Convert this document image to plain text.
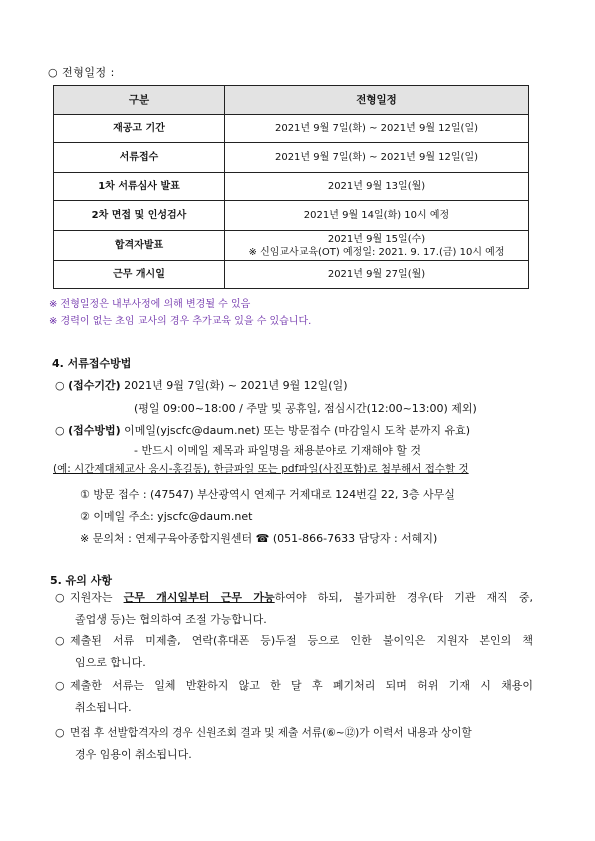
○ 전형일정 :
구분	전형일정
재공고 기간	2021년 9월 7일(화) ~ 2021년 9월 12일(일)
서류접수	2021년 9월 7일(화) ~ 2021년 9월 12일(일)
1차 서류심사 발표	2021년 9월 13일(월)
2차 면접 및 인성검사	2021년 9월 14일(화) 10시 예정
합격자발표	2021년 9월 15일(수)
※ 신임교사교육(OT) 예정일: 2021. 9. 17.(금) 10시 예정

근무 개시일	2021년 9월 27일(월)
※ 전형일정은 내부사정에 의해 변경될 수 있음
※ 경력이 없는 초임 교사의 경우 추가교육 있을 수 있습니다.
4. 서류접수방법
○ (접수기간) 2021년 9월 7일(화) ~ 2021년 9월 12일(일)
(평일 09:00~18:00 / 주말 및 공휴일, 점심시간(12:00~13:00) 제외)
○ (접수방법) 이메일(yjscfc@daum.net) 또는 방문접수 (마감일시 도착 분까지 유효)
- 반드시 이메일 제목과 파일명을 채용분야로 기재해야 할 것
(예: 시간제대체교사 응시-홍길동), 한글파일 또는 pdf파일(사진포함)로 첨부해서 접수할 것
① 방문 접수 : (47547) 부산광역시 연제구 거제대로 124번길 22, 3층 사무실
② 이메일 주소: yjscfc@daum.net
※ 문의처 : 연제구육아종합지원센터 ☎ (051-866-7633 담당자 : 서혜지)
5. 유의 사항
○ 지원자는 근무 개시일부터 근무 가능하여야 하되, 불가피한 경우(타 기관 재직 중,
졸업생 등)는 협의하여 조절 가능합니다.
○ 제출된 서류 미제출, 연락(휴대폰 등)두절 등으로 인한 불이익은 지원자 본인의 책
임으로 합니다.
○ 제출한 서류는 일체 반환하지 않고 한 달 후 폐기처리 되며 허위 기재 시 채용이
취소됩니다.
○ 면접 후 선발합격자의 경우 신원조회 결과 및 제출 서류(⑥~⑫)가 이력서 내용과 상이할
경우 임용이 취소됩니다.
